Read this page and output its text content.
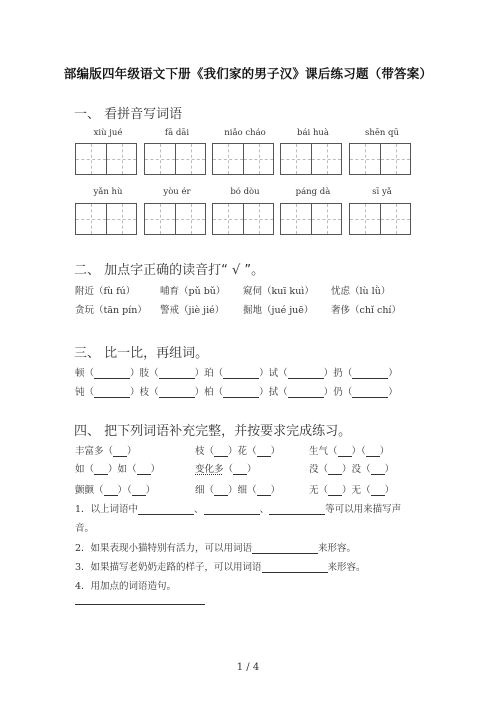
部编版四年级语文下册《我们家的男子汉》课后练习题（带答案）
一、 看拼音写词语
xiù jué	fā dāi	niǎo cháo	bái huà	shēn qū
yǎn hù	yòu ér	bó dòu	páng dà	sī yǎ
二、 加点字正确的读音打“ √ ”。
附近（fù fú）	哺育（pǔ bǔ） 窥伺（kuī kuì） 忧虑（lù lǜ）
贪玩（tān pín） 警戒（jiè jié） 掘地（jué juē） 奢侈（chǐ chí）
三、 比一比，再组词。
顿（	）肢（	）珀（	）试（	）扔（	）
钝（	）枝（	）柏（	）拭（	）仍（	）
四、 把下列词语补充完整，并按要求完成练习。
丰富多（ ）	枝（ ）花（ ）	生气（ ）（ ）
如（ ）如（ ）	变化多（ ）	没（ ）没（ ）
颤颤（ ）（ ）	细（ ）细（ ）	无（ ）无（ ）
1．以上词语中	、	、	等可以用来描写声
音。
2．如果表现小猫特别有活力，可以用词语	来形容。
3．如果描写老奶奶走路的样子，可以用词语	来形容。
4．用加点的词语造句。
1 / 4
